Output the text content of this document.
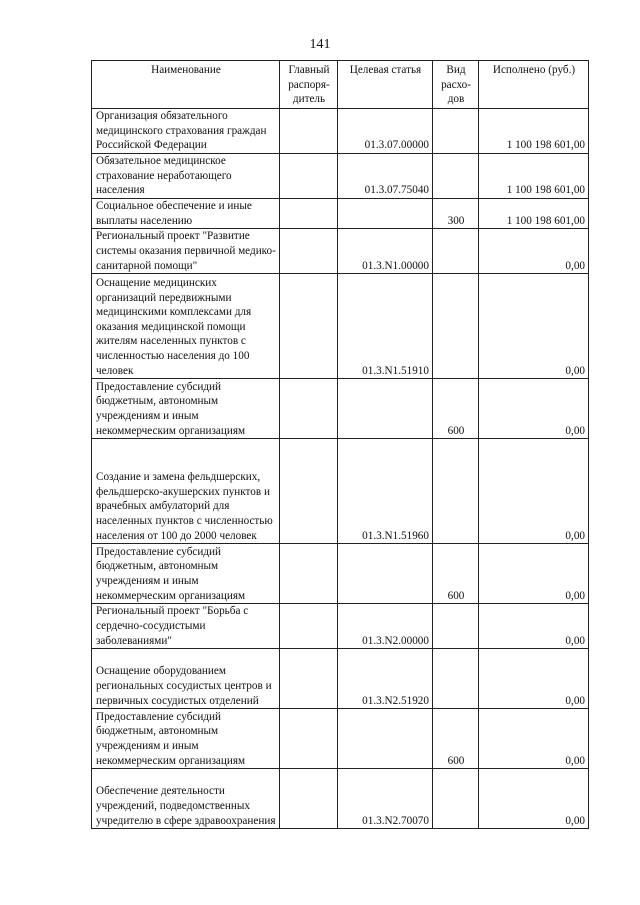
141
Наименование	Главный распоря-дитель	Целевая статья	Вид расхо-дов	Исполнено (руб.)
Организация обязательного медицинского страхования граждан Российской Федерации		01.3.07.00000		1 100 198 601,00
Обязательное медицинское страхование неработающего населения		01.3.07.75040		1 100 198 601,00
Социальное обеспечение и иные выплаты населению			300	1 100 198 601,00
Региональный проект "Развитие системы оказания первичной медико-санитарной помощи"		01.3.N1.00000		0,00
Оснащение медицинских организаций передвижными медицинскими комплексами для оказания медицинской помощи жителям населенных пунктов с численностью населения до 100 человек		01.3.N1.51910		0,00
Предоставление субсидий бюджетным, автономным учреждениям и иным некоммерческим организациям			600	0,00
Создание и замена фельдшерских, фельдшерско-акушерских пунктов и врачебных амбулаторий для населенных пунктов с численностью населения от 100 до 2000 человек		01.3.N1.51960		0,00
Предоставление субсидий бюджетным, автономным учреждениям и иным некоммерческим организациям			600	0,00
Региональный проект "Борьба с сердечно-сосудистыми заболеваниями"		01.3.N2.00000		0,00
Оснащение оборудованием региональных сосудистых центров и первичных сосудистых отделений		01.3.N2.51920		0,00
Предоставление субсидий бюджетным, автономным учреждениям и иным некоммерческим организациям			600	0,00
Обеспечение деятельности учреждений, подведомственных учредителю в сфере здравоохранения		01.3.N2.70070		0,00
